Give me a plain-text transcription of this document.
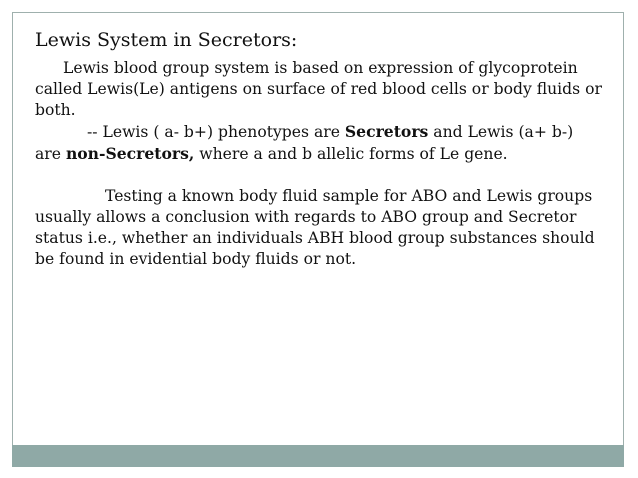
Lewis System in Secretors:

Lewis blood group system is based on expression of glycoprotein

called Lewis(Le) antigens on surface of red blood cells or body fluids or

both.

-- Lewis ( a- b+) phenotypes are Secretors and Lewis (a+ b-)

are non-Secretors, where a and b allelic forms of Le gene.

Testing a known body fluid sample for ABO and Lewis groups

usually allows a conclusion with regards to ABO group and Secretor

status i.e., whether an individuals ABH blood group substances should

be found in evidential body fluids or not.
